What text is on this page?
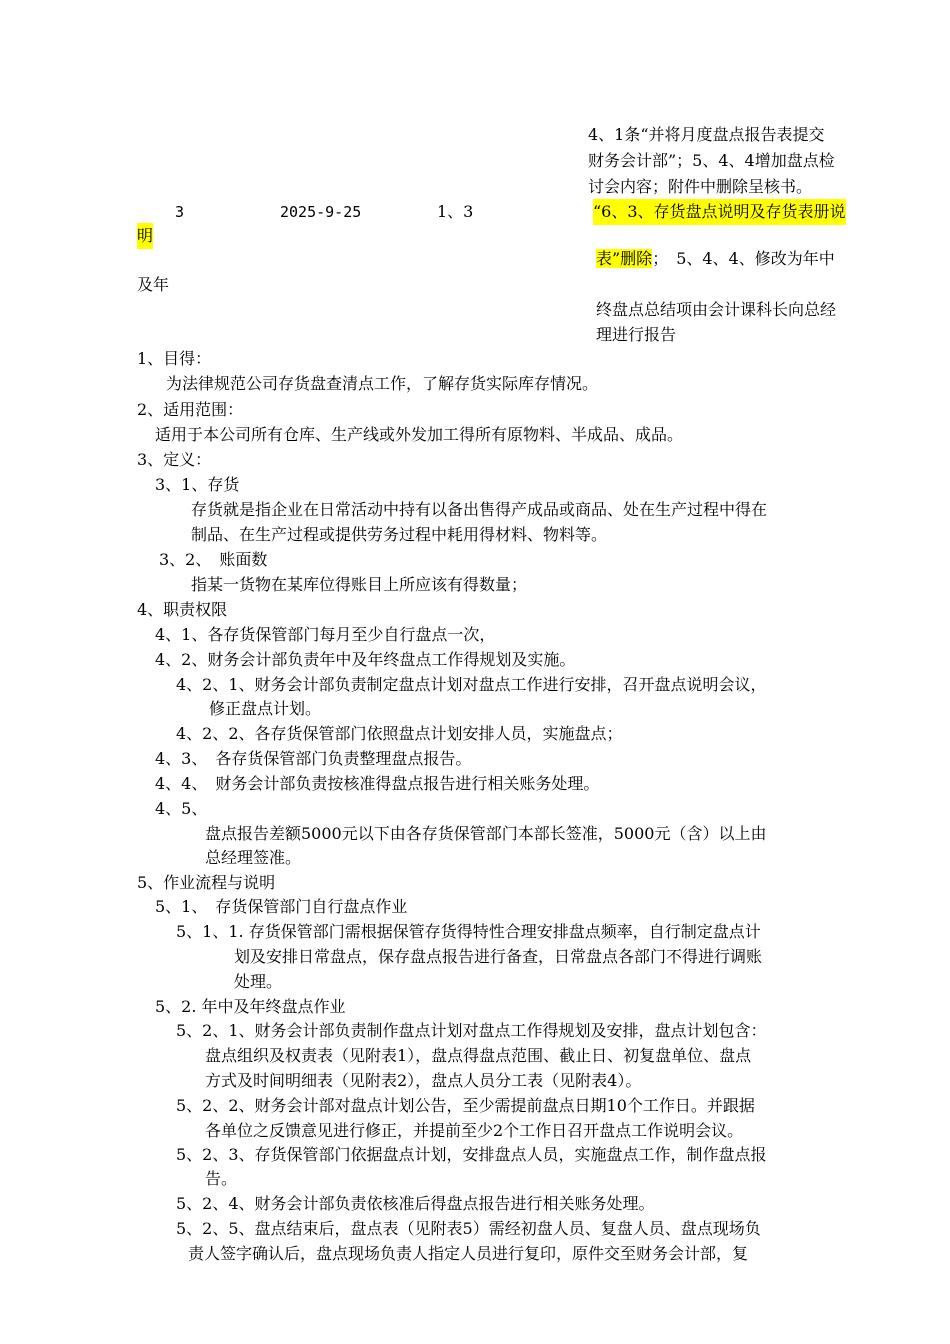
4、1条“并将月度盘点报告表提交
财务会计部”；5、4、4增加盘点检
讨会内容；附件中删除呈核书。
3	2025-9-25	1、3	“6、3、存货盘点说明及存货表册说
明
表”删除；　5、4、4、修改为年中
及年
终盘点总结项由会计课科长向总经
理进行报告
1、目得：
为法律规范公司存货盘查清点工作，了解存货实际库存情况。
2、适用范围：
适用于本公司所有仓库、生产线或外发加工得所有原物料、半成品、成品。
3、定义：
3、1、存货
存货就是指企业在日常活动中持有以备出售得产成品或商品、处在生产过程中得在
制品、在生产过程或提供劳务过程中耗用得材料、物料等。
3、2、　账面数
指某一货物在某库位得账目上所应该有得数量；
4、职责权限
4、1、各存货保管部门每月至少自行盘点一次，
4、2、财务会计部负责年中及年终盘点工作得规划及实施。
4、2、1、财务会计部负责制定盘点计划对盘点工作进行安排，召开盘点说明会议，
修正盘点计划。
4、2、2、各存货保管部门依照盘点计划安排人员，实施盘点；
4、3、　各存货保管部门负责整理盘点报告。
4、4、　财务会计部负责按核准得盘点报告进行相关账务处理。
4、5、
盘点报告差额5000元以下由各存货保管部门本部长签准，5000元（含）以上由
总经理签准。
5、作业流程与说明
5、1、　存货保管部门自行盘点作业
5、1、1. 存货保管部门需根据保管存货得特性合理安排盘点频率，自行制定盘点计
划及安排日常盘点，保存盘点报告进行备查，日常盘点各部门不得进行调账
处理。
5、2. 年中及年终盘点作业
5、2、1、财务会计部负责制作盘点计划对盘点工作得规划及安排，盘点计划包含：
盘点组织及权责表（见附表1），盘点得盘点范围、截止日、初复盘单位、盘点
方式及时间明细表（见附表2），盘点人员分工表（见附表4）。
5、2、2、财务会计部对盘点计划公告，至少需提前盘点日期10个工作日。并跟据
各单位之反馈意见进行修正，并提前至少2个工作日召开盘点工作说明会议。
5、2、3、存货保管部门依据盘点计划，安排盘点人员，实施盘点工作，制作盘点报
告。
5、2、4、财务会计部负责依核准后得盘点报告进行相关账务处理。
5、2、5、盘点结束后，盘点表（见附表5）需经初盘人员、复盘人员、盘点现场负
责人签字确认后，盘点现场负责人指定人员进行复印，原件交至财务会计部，复
